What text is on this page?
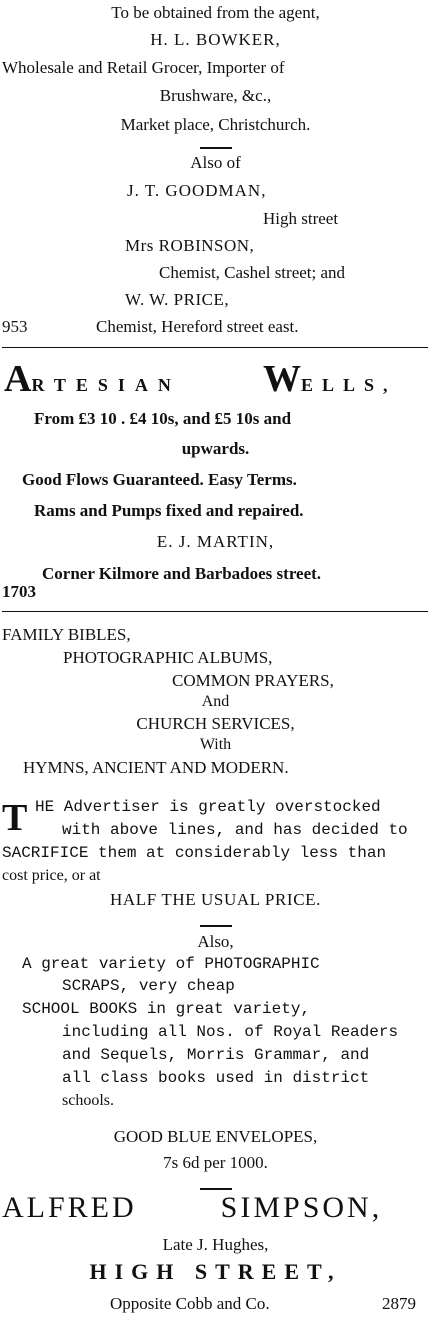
To be obtained from the agent,
H. L. BOWKER,
Wholesale and Retail Grocer, Importer of
Brushware, &c.,
Market place, Christchurch.
Also of
J. T. GOODMAN,
High street
Mrs ROBINSON,
Chemist, Cashel street; and
W. W. PRICE,
953	Chemist, Hereford street east.
ARTESIAN WELLS,
From £3 10 . £4 10s, and £5 10s and
upwards.
Good Flows Guaranteed. Easy Terms.
Rams and Pumps fixed and repaired.
E. J. MARTIN,
Corner Kilmore and Barbadoes street.
1703
FAMILY BIBLES,
PHOTOGRAPHIC ALBUMS,
COMMON PRAYERS,
And
CHURCH SERVICES,
With
HYMNS, ANCIENT AND MODERN.
T HE Advertiser is greatly overstocked
with above lines, and has decided to
SACRIFICE them at considerably less than
cost price, or at
HALF THE USUAL PRICE.
Also,
A great variety of PHOTOGRAPHIC
SCRAPS, very cheap
SCHOOL BOOKS in great variety,
including all Nos. of Royal Readers
and Sequels, Morris Grammar, and
all class books used in district
schools.
GOOD BLUE ENVELOPES,
7s 6d per 1000.
ALFRED        SIMPSON,
Late J. Hughes,
HIGH STREET,
Opposite Cobb and Co.	2879
